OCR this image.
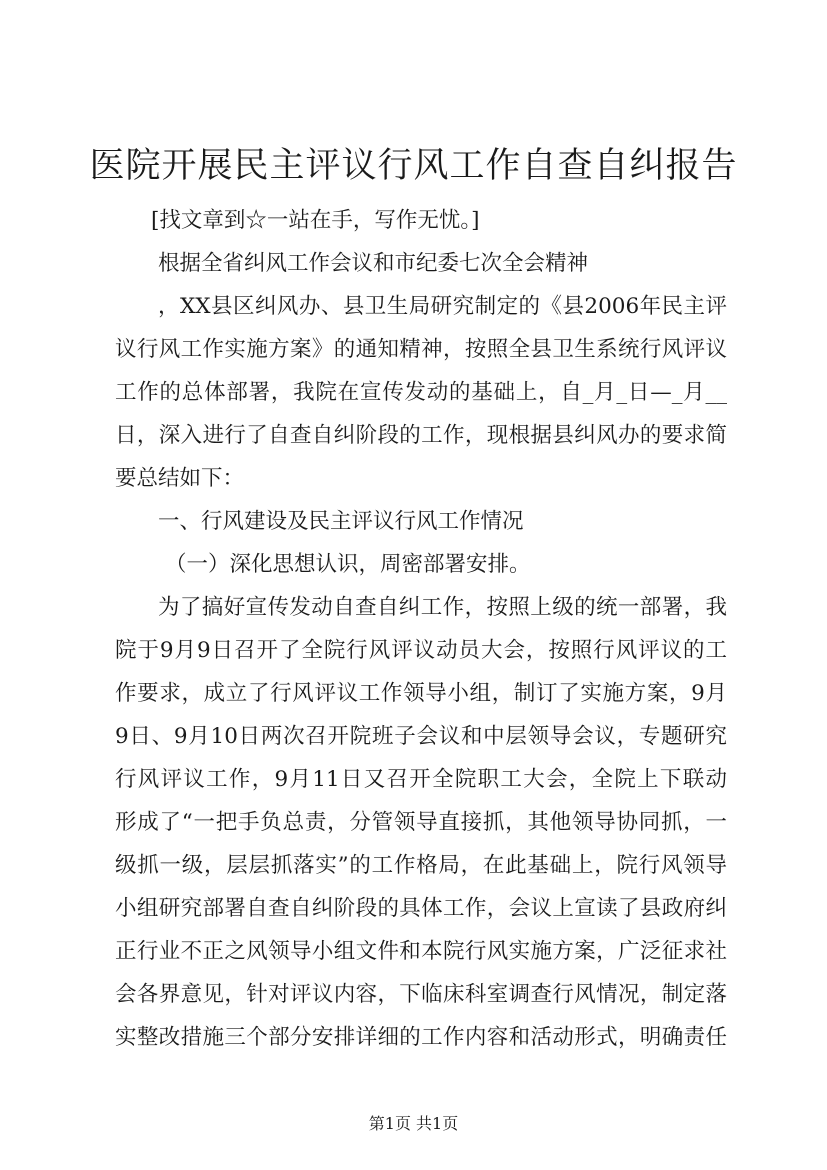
医院开展民主评议行风工作自查自纠报告
[找文章到☆一站在手，写作无忧。]
根据全省纠风工作会议和市纪委七次全会精神
，XX县区纠风办、县卫生局研究制定的《县2006年民主评
议行风工作实施方案》的通知精神，按照全县卫生系统行风评议
工作的总体部署，我院在宣传发动的基础上，自_月_日—_月__
日，深入进行了自查自纠阶段的工作，现根据县纠风办的要求简
要总结如下：
一、行风建设及民主评议行风工作情况
（一）深化思想认识，周密部署安排。
为了搞好宣传发动自查自纠工作，按照上级的统一部署，我
院于9月9日召开了全院行风评议动员大会，按照行风评议的工
作要求，成立了行风评议工作领导小组，制订了实施方案，9月
9日、9月10日两次召开院班子会议和中层领导会议，专题研究
行风评议工作，9月11日又召开全院职工大会，全院上下联动
形成了“一把手负总责，分管领导直接抓，其他领导协同抓，一
级抓一级，层层抓落实”的工作格局，在此基础上，院行风领导
小组研究部署自查自纠阶段的具体工作，会议上宣读了县政府纠
正行业不正之风领导小组文件和本院行风实施方案，广泛征求社
会各界意见，针对评议内容，下临床科室调查行风情况，制定落
实整改措施三个部分安排详细的工作内容和活动形式，明确责任
第1页 共1页
